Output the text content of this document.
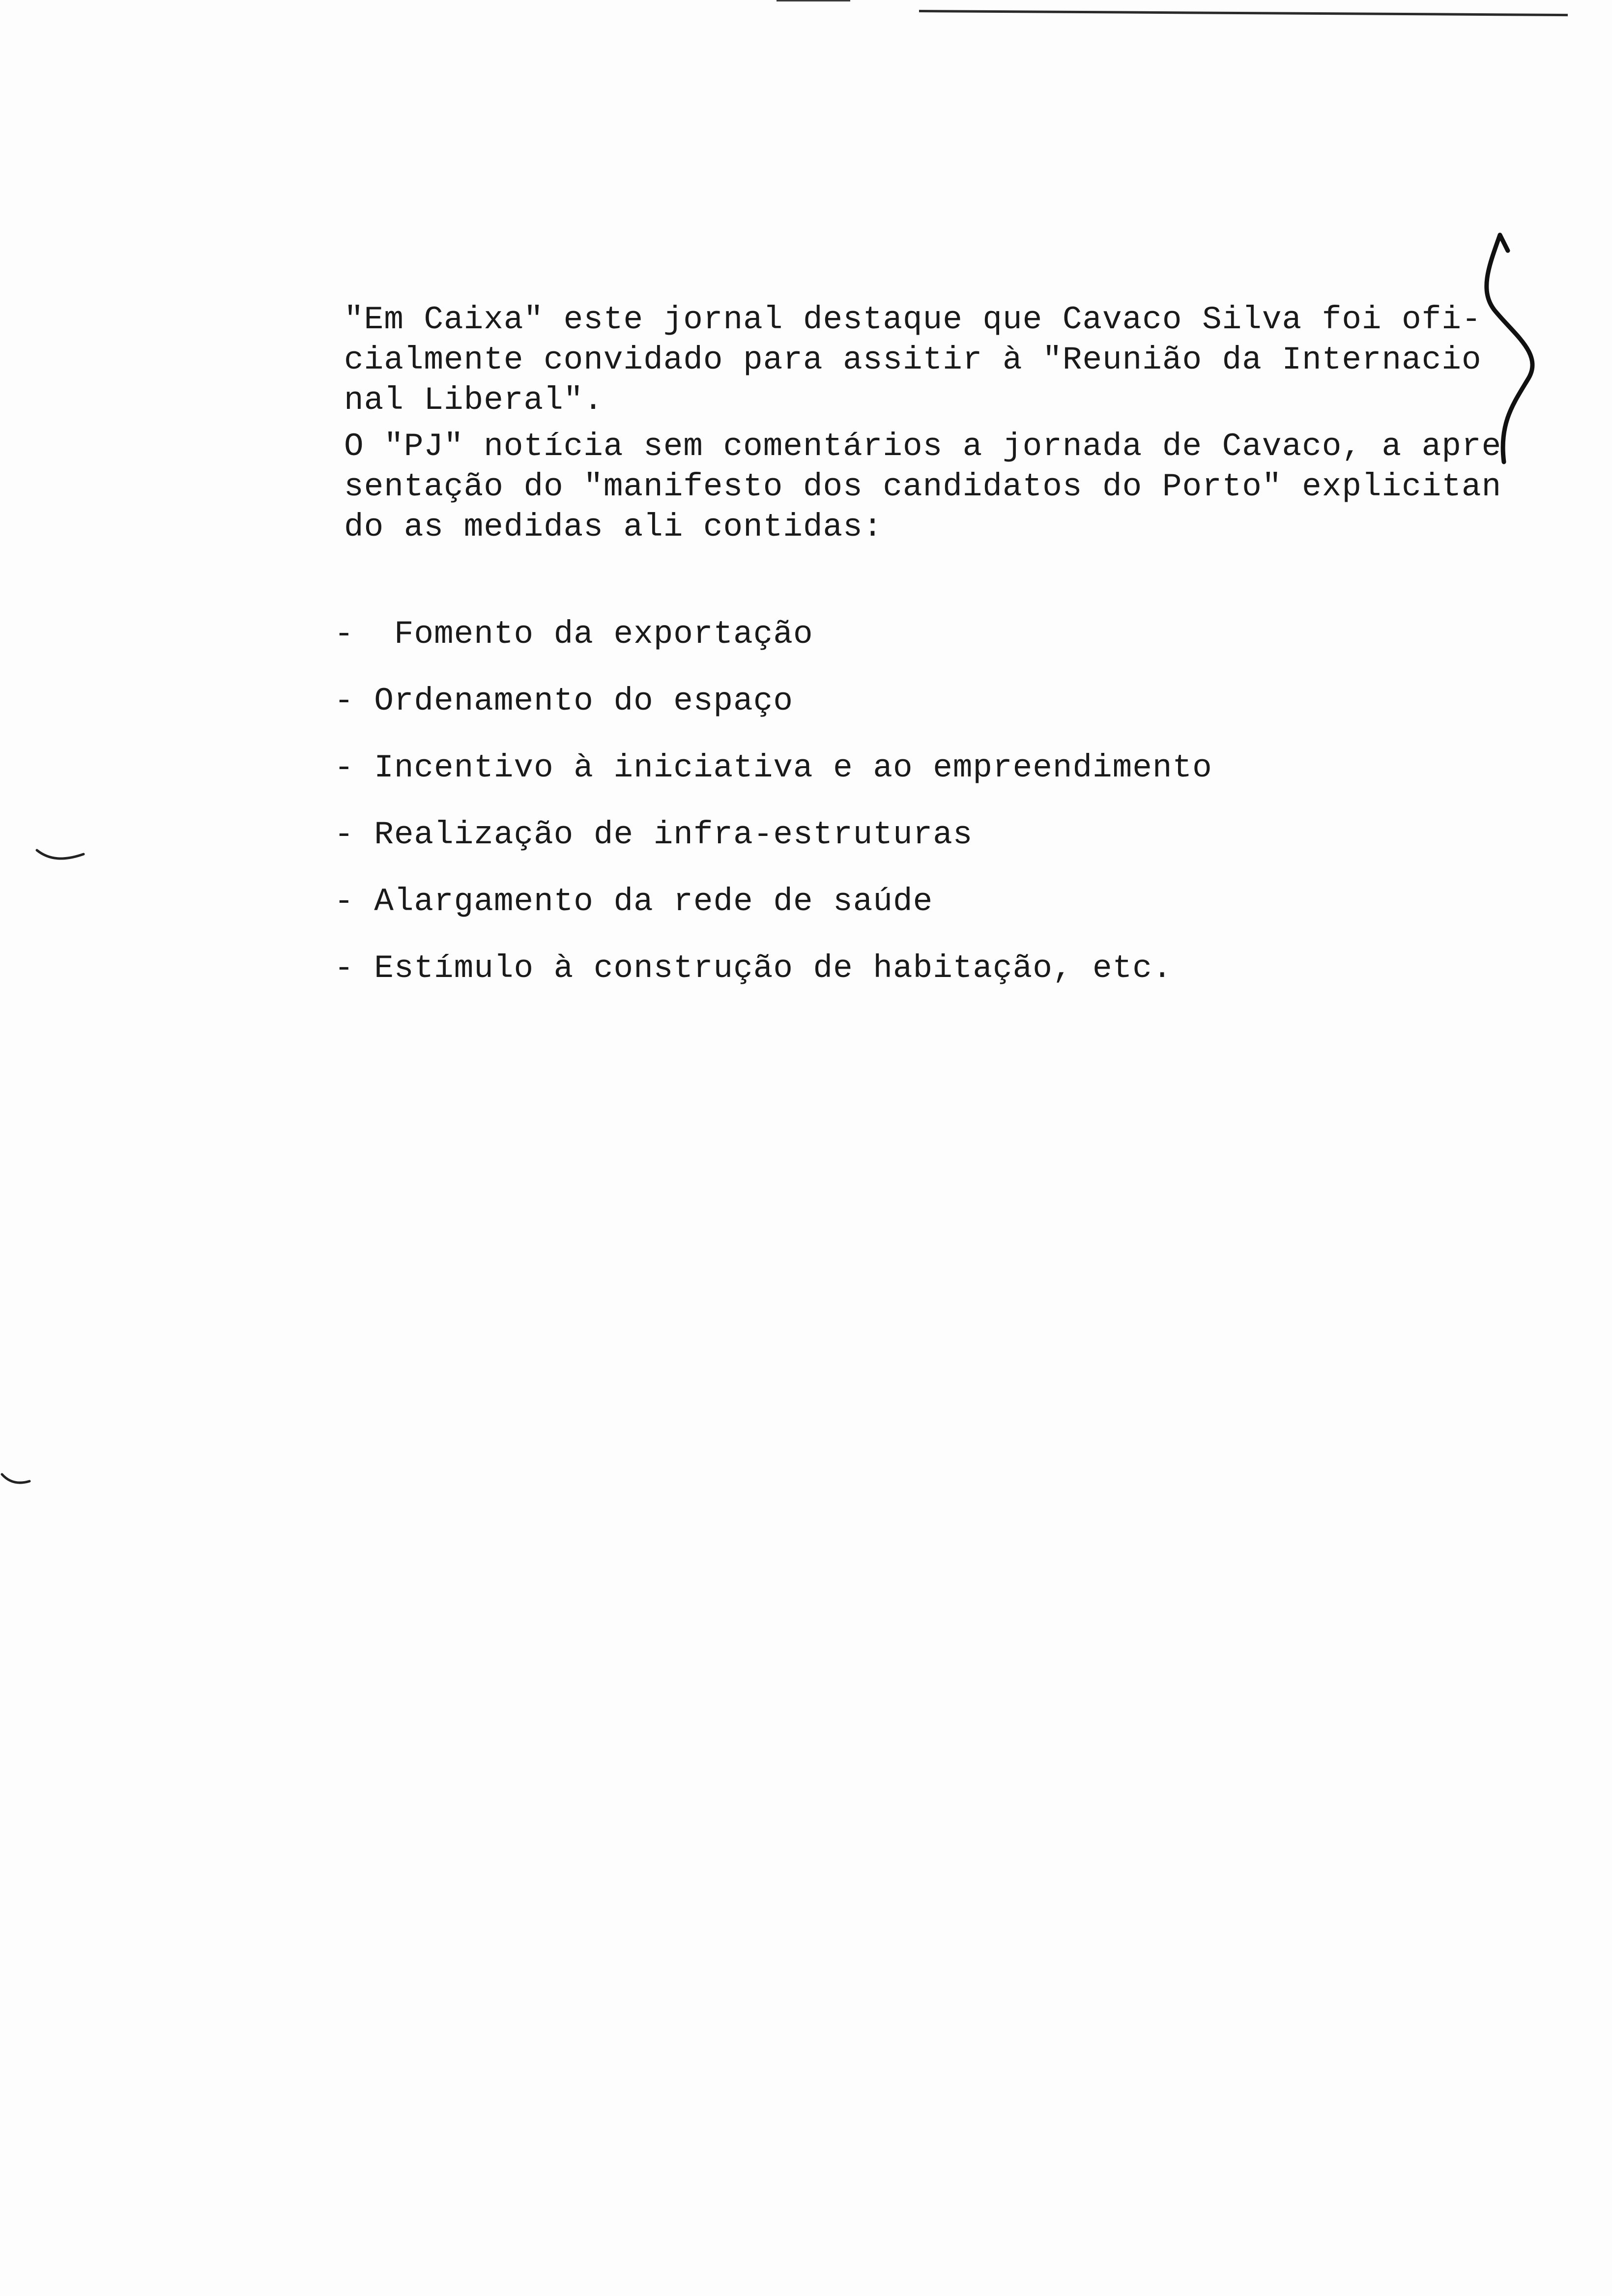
"Em Caixa" este jornal destaque que Cavaco Silva foi ofi-
cialmente convidado para assitir à "Reunião da Internacio
nal Liberal".
O "PJ" notícia sem comentários a jornada de Cavaco, a apre
sentação do "manifesto dos candidatos do Porto" explicitan
do as medidas ali contidas:
-  Fomento da exportação
- Ordenamento do espaço
- Incentivo à iniciativa e ao empreendimento
- Realização de infra-estruturas
- Alargamento da rede de saúde
- Estímulo à construção de habitação, etc.
